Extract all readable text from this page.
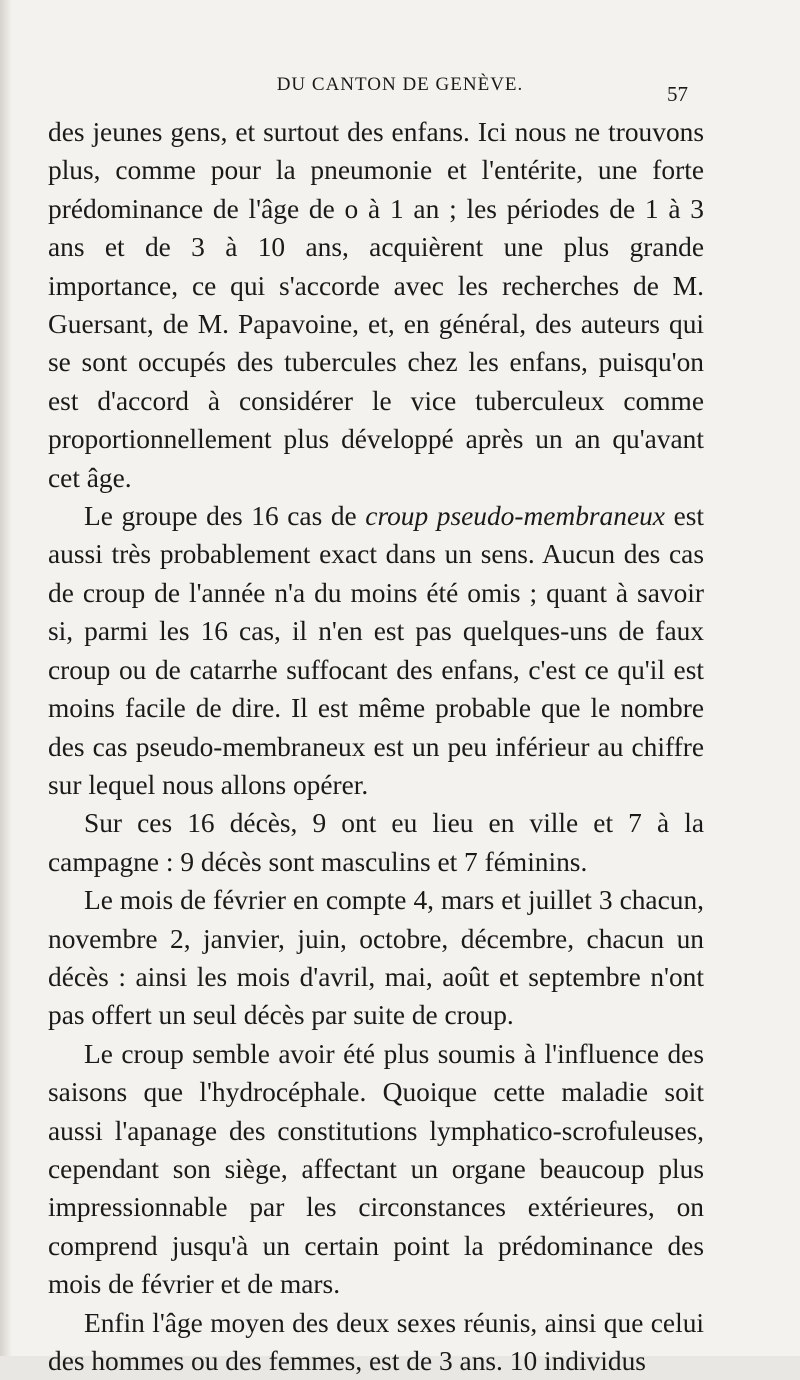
DU CANTON DE GENÈVE.	57

des jeunes gens, et surtout des enfans. Ici nous ne trouvons plus, comme pour la pneumonie et l'entérite, une forte prédominance de l'âge de o à 1 an ; les périodes de 1 à 3 ans et de 3 à 10 ans, acquièrent une plus grande importance, ce qui s'accorde avec les recherches de M. Guersant, de M. Papavoine, et, en général, des auteurs qui se sont occupés des tubercules chez les enfans, puisqu'on est d'accord à considérer le vice tuberculeux comme proportionnellement plus développé après un an qu'avant cet âge.

Le groupe des 16 cas de croup pseudo-membraneux est aussi très probablement exact dans un sens. Aucun des cas de croup de l'année n'a du moins été omis ; quant à savoir si, parmi les 16 cas, il n'en est pas quelques-uns de faux croup ou de catarrhe suffocant des enfans, c'est ce qu'il est moins facile de dire. Il est même probable que le nombre des cas pseudo-membraneux est un peu inférieur au chiffre sur lequel nous allons opérer.

Sur ces 16 décès, 9 ont eu lieu en ville et 7 à la campagne : 9 décès sont masculins et 7 féminins.

Le mois de février en compte 4, mars et juillet 3 chacun, novembre 2, janvier, juin, octobre, décembre, chacun un décès : ainsi les mois d'avril, mai, août et septembre n'ont pas offert un seul décès par suite de croup.

Le croup semble avoir été plus soumis à l'influence des saisons que l'hydrocéphale. Quoique cette maladie soit aussi l'apanage des constitutions lymphatico-scrofuleuses, cependant son siège, affectant un organe beaucoup plus impressionnable par les circonstances extérieures, on comprend jusqu'à un certain point la prédominance des mois de février et de mars.

Enfin l'âge moyen des deux sexes réunis, ainsi que celui des hommes ou des femmes, est de 3 ans. 10 individus
